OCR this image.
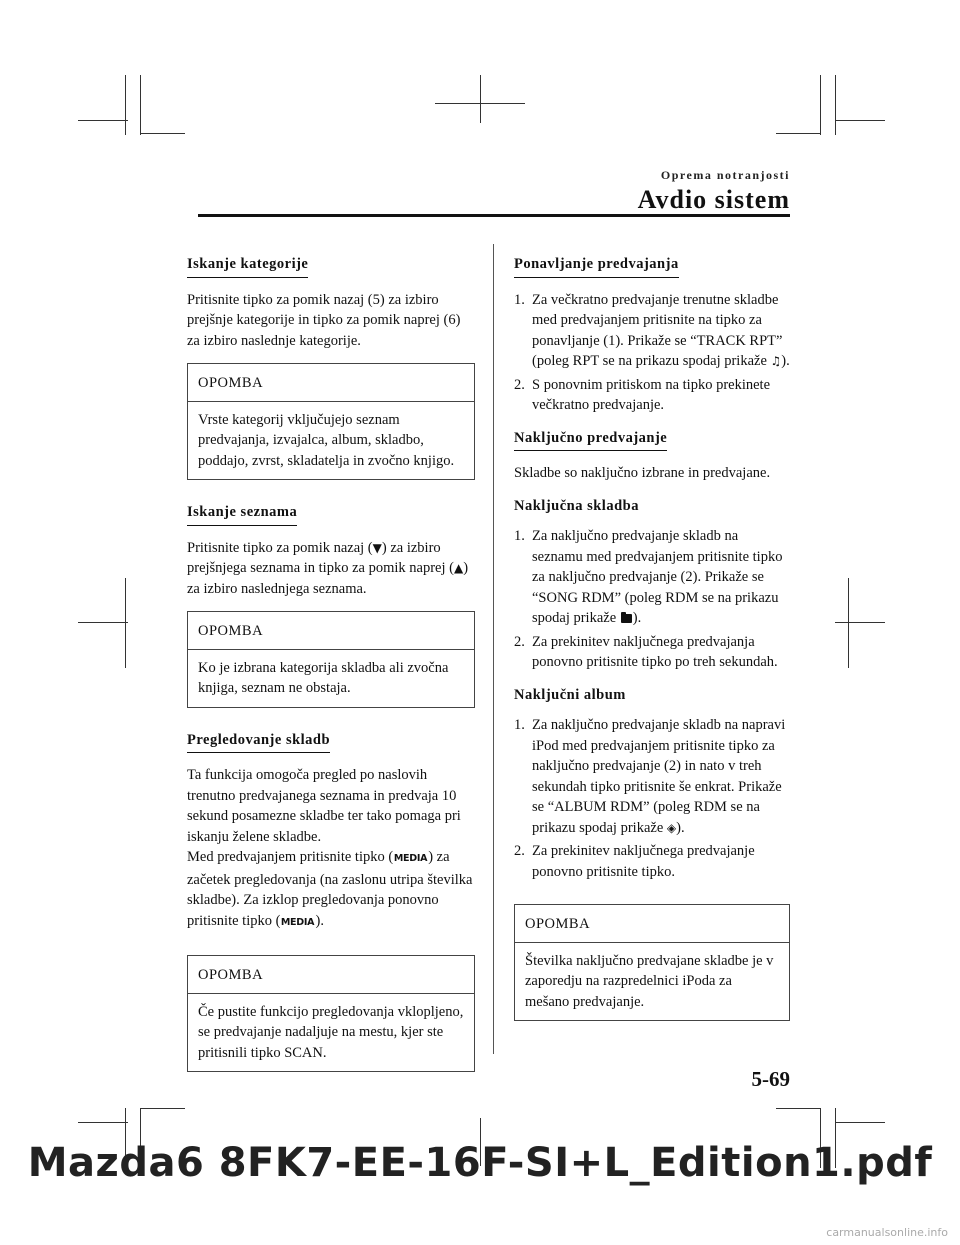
Oprema notranjosti
Avdio sistem
Iskanje kategorije

Pritisnite tipko za pomik nazaj (5) za izbiro prejšnje kategorije in tipko za pomik naprej (6) za izbiro naslednje kategorije.

OPOMBA
Vrste kategorij vključujejo seznam predvajanja, izvajalca, album, skladbo, poddajo, zvrst, skladatelja in zvočno knjigo.
Iskanje seznama

Pritisnite tipko za pomik nazaj (▼) za izbiro prejšnjega seznama in tipko za pomik naprej (▲) za izbiro naslednjega seznama.

OPOMBA
Ko je izbrana kategorija skladba ali zvočna knjiga, seznam ne obstaja.
Pregledovanje skladb

Ta funkcija omogoča pregled po naslovih trenutno predvajanega seznama in predvaja 10 sekund posamezne skladbe ter tako pomaga pri iskanju želene skladbe.

Med predvajanjem pritisnite tipko (MEDIA) za začetek pregledovanja (na zaslonu utripa številka skladbe). Za izklop pregledovanja ponovno pritisnite tipko (MEDIA).

OPOMBA
Če pustite funkcijo pregledovanja vklopljeno, se predvajanje nadaljuje na mestu, kjer ste pritisnili tipko SCAN.
Ponavljanje predvajanja
1. Za večkratno predvajanje trenutne skladbe med predvajanjem pritisnite na tipko za ponavljanje (1). Prikaže se “TRACK RPT” (poleg RPT se na prikazu spodaj prikaže ♫).
2. S ponovnim pritiskom na tipko prekinete večkratno predvajanje.
Naključno predvajanje

Skladbe so naključno izbrane in predvajane.

Naključna skladba
1. Za naključno predvajanje skladb na seznamu med predvajanjem pritisnite tipko za naključno predvajanje (2). Prikaže se “SONG RDM” (poleg RDM se na prikazu spodaj prikaže ).
2. Za prekinitev naključnega predvajanja ponovno pritisnite tipko po treh sekundah.
Naključni album
1. Za naključno predvajanje skladb na napravi iPod med predvajanjem pritisnite tipko za naključno predvajanje (2) in nato v treh sekundah tipko pritisnite še enkrat. Prikaže se “ALBUM RDM” (poleg RDM se na prikazu spodaj prikaže ◈).
2. Za prekinitev naključnega predvajanje ponovno pritisnite tipko.
OPOMBA
Številka naključno predvajane skladbe je v zaporedju na razpredelnici iPoda za mešano predvajanje.
5-69
Mazda6 8FK7-EE-16F-SI+L_Edition1.pdf
carmanualsonline.info
